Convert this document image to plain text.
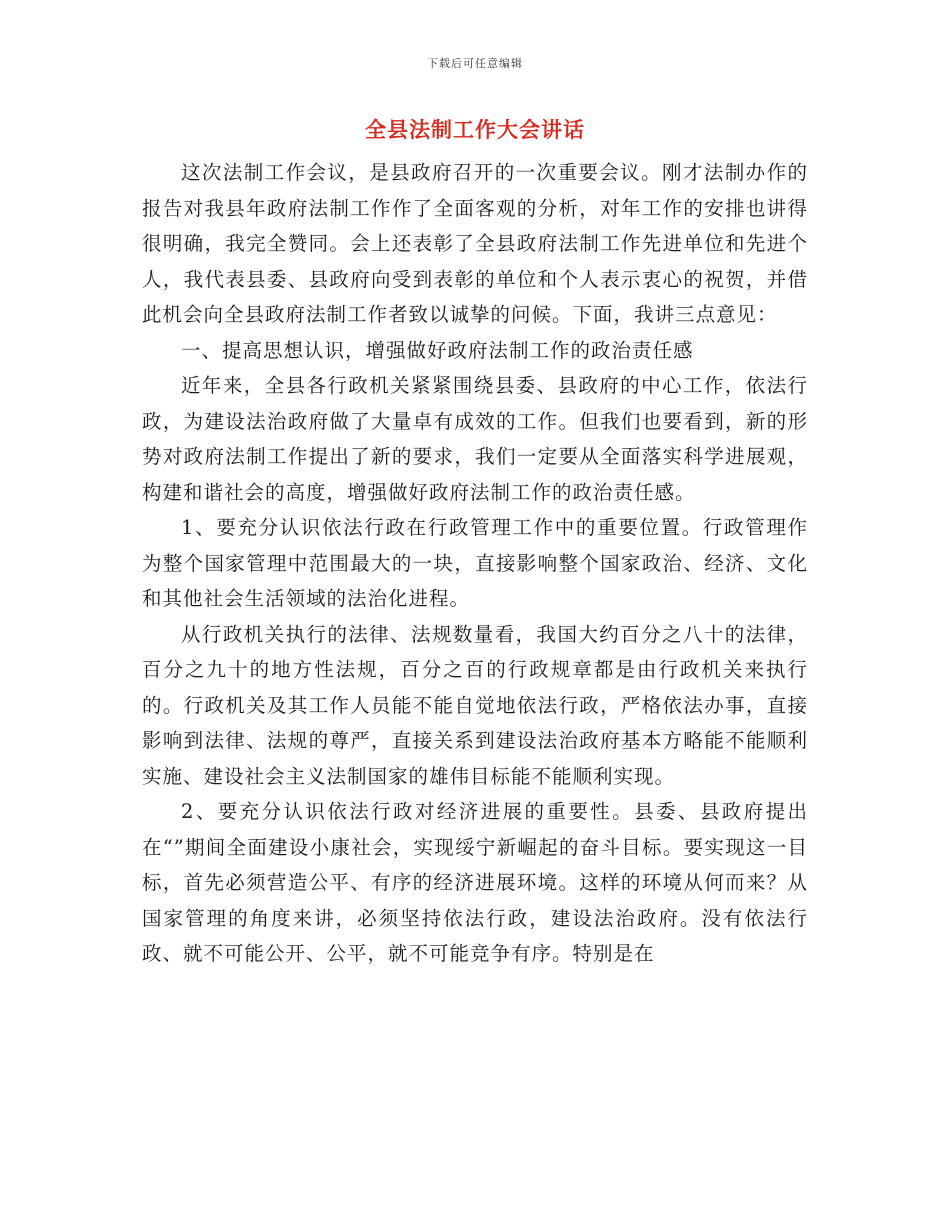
下载后可任意编辑
全县法制工作大会讲话

这次法制工作会议，是县政府召开的一次重要会议。刚才法制办作的报告对我县年政府法制工作作了全面客观的分析，对年工作的安排也讲得很明确，我完全赞同。会上还表彰了全县政府法制工作先进单位和先进个人，我代表县委、县政府向受到表彰的单位和个人表示衷心的祝贺，并借此机会向全县政府法制工作者致以诚挚的问候。下面，我讲三点意见：

一、提高思想认识，增强做好政府法制工作的政治责任感

近年来，全县各行政机关紧紧围绕县委、县政府的中心工作，依法行政，为建设法治政府做了大量卓有成效的工作。但我们也要看到，新的形势对政府法制工作提出了新的要求，我们一定要从全面落实科学进展观，构建和谐社会的高度，增强做好政府法制工作的政治责任感。

1、要充分认识依法行政在行政管理工作中的重要位置。行政管理作为整个国家管理中范围最大的一块，直接影响整个国家政治、经济、文化和其他社会生活领域的法治化进程。

从行政机关执行的法律、法规数量看，我国大约百分之八十的法律，百分之九十的地方性法规，百分之百的行政规章都是由行政机关来执行的。行政机关及其工作人员能不能自觉地依法行政，严格依法办事，直接影响到法律、法规的尊严，直接关系到建设法治政府基本方略能不能顺利实施、建设社会主义法制国家的雄伟目标能不能顺利实现。

2、要充分认识依法行政对经济进展的重要性。县委、县政府提出在“”期间全面建设小康社会，实现绥宁新崛起的奋斗目标。要实现这一目标，首先必须营造公平、有序的经济进展环境。这样的环境从何而来？从国家管理的角度来讲，必须坚持依法行政，建设法治政府。没有依法行政、就不可能公开、公平，就不可能竞争有序。特别是在
